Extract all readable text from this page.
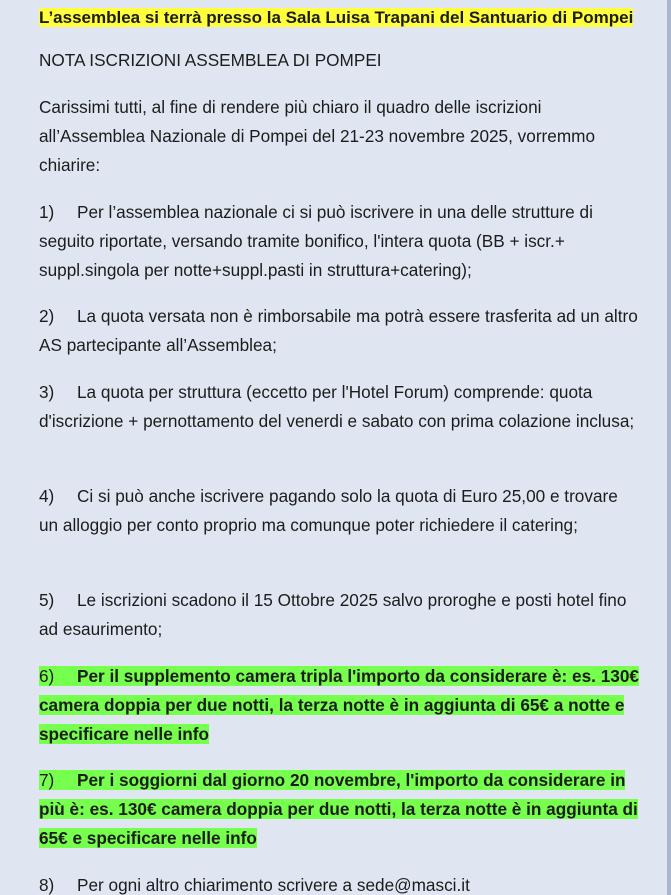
L’assemblea si terrà presso la Sala Luisa Trapani del Santuario di Pompei
NOTA ISCRIZIONI ASSEMBLEA DI POMPEI
Carissimi tutti, al fine di rendere più chiaro il quadro delle iscrizioni all’Assemblea Nazionale di Pompei del 21-23 novembre 2025, vorremmo chiarire:
1) Per l’assemblea nazionale ci si può iscrivere in una delle strutture di seguito riportate, versando tramite bonifico, l'intera quota (BB + iscr.+ suppl.singola per notte+suppl.pasti in struttura+catering);
2) La quota versata non è rimborsabile ma potrà essere trasferita ad un altro AS partecipante all’Assemblea;
3) La quota per struttura (eccetto per l'Hotel Forum) comprende: quota d'iscrizione + pernottamento del venerdi e sabato con prima colazione inclusa;
4) Ci si può anche iscrivere pagando solo la quota di Euro 25,00 e trovare un alloggio per conto proprio ma comunque poter richiedere il catering;
5) Le iscrizioni scadono il 15 Ottobre 2025 salvo proroghe e posti hotel fino ad esaurimento;
6) Per il supplemento camera tripla l'importo da considerare è: es. 130€ camera doppia per due notti, la terza notte è in aggiunta di 65€ a notte e specificare nelle info
7) Per i soggiorni dal giorno 20 novembre, l'importo da considerare in più è: es. 130€ camera doppia per due notti, la terza notte è in aggiunta di 65€ e specificare nelle info
8) Per ogni altro chiarimento scrivere a sede@masci.it
